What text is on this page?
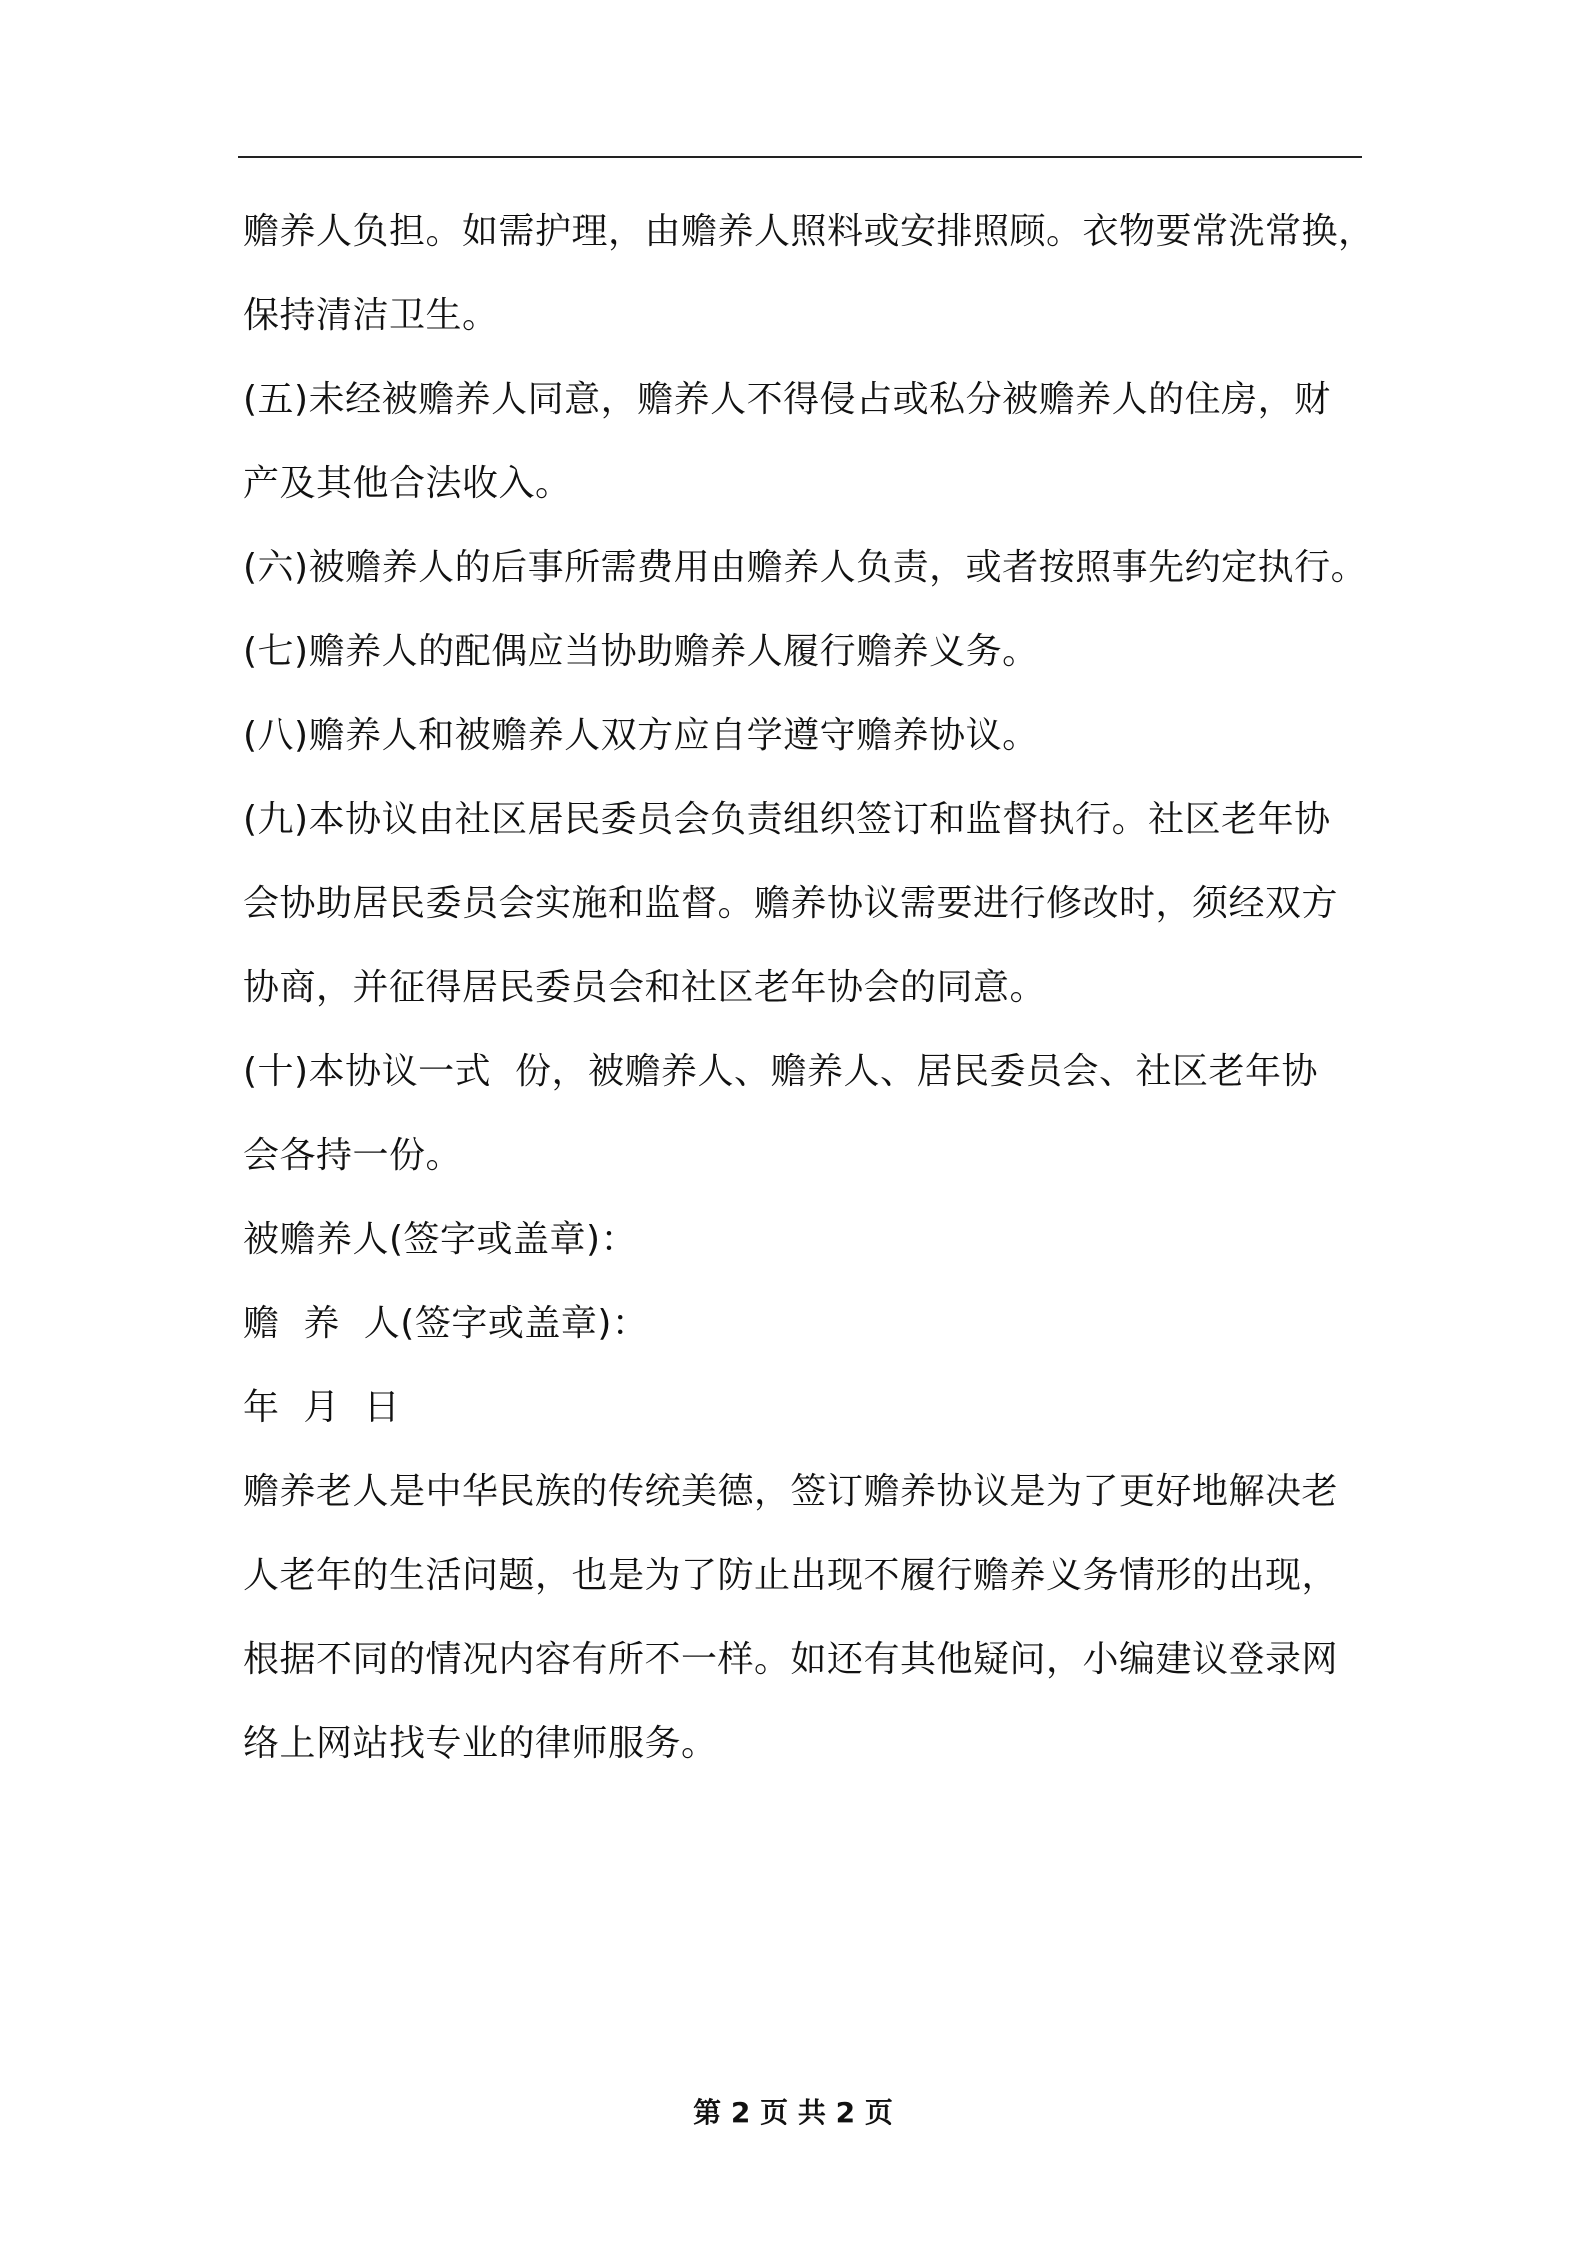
赡养人负担。如需护理，由赡养人照料或安排照顾。衣物要常洗常换，
保持清洁卫生。
(五)未经被赡养人同意，赡养人不得侵占或私分被赡养人的住房，财
产及其他合法收入。
(六)被赡养人的后事所需费用由赡养人负责，或者按照事先约定执行。
(七)赡养人的配偶应当协助赡养人履行赡养义务。
(八)赡养人和被赡养人双方应自学遵守赡养协议。
(九)本协议由社区居民委员会负责组织签订和监督执行。社区老年协
会协助居民委员会实施和监督。赡养协议需要进行修改时，须经双方
协商，并征得居民委员会和社区老年协会的同意。
(十)本协议一式  份，被赡养人、赡养人、居民委员会、社区老年协
会各持一份。
被赡养人(签字或盖章)：
赡  养  人(签字或盖章)：
年  月  日
赡养老人是中华民族的传统美德，签订赡养协议是为了更好地解决老
人老年的生活问题，也是为了防止出现不履行赡养义务情形的出现，
根据不同的情况内容有所不一样。如还有其他疑问，小编建议登录网
络上网站找专业的律师服务。
第 2 页 共 2 页
